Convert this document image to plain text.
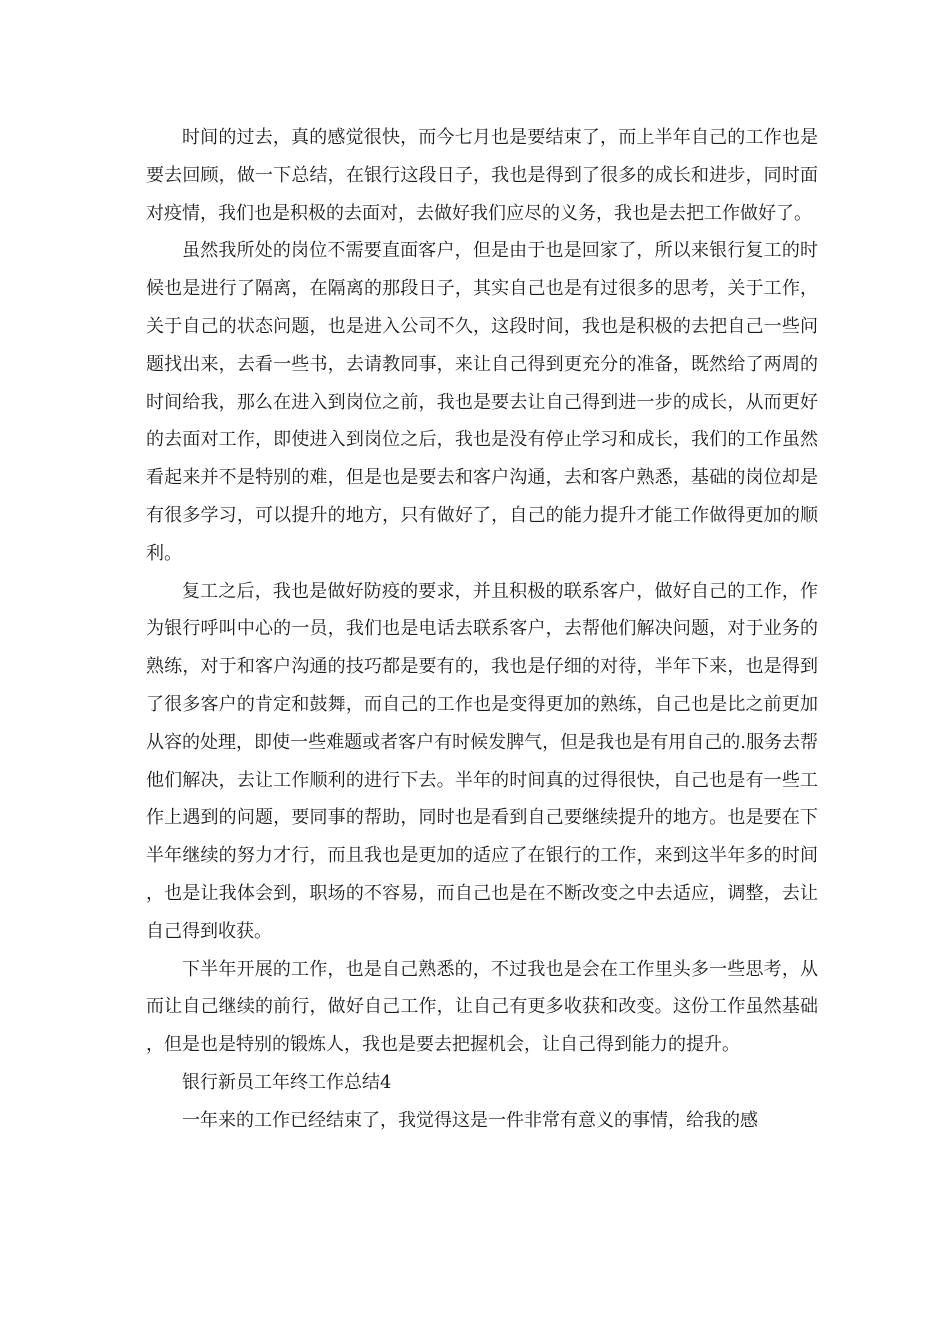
时间的过去，真的感觉很快，而今七月也是要结束了，而上半年自己的工作也是要去回顾，做一下总结，在银行这段日子，我也是得到了很多的成长和进步，同时面对疫情，我们也是积极的去面对，去做好我们应尽的义务，我也是去把工作做好了。

虽然我所处的岗位不需要直面客户，但是由于也是回家了，所以来银行复工的时候也是进行了隔离，在隔离的那段日子，其实自己也是有过很多的思考，关于工作，关于自己的状态问题，也是进入公司不久，这段时间，我也是积极的去把自己一些问题找出来，去看一些书，去请教同事，来让自己得到更充分的准备，既然给了两周的时间给我，那么在进入到岗位之前，我也是要去让自己得到进一步的成长，从而更好的去面对工作，即使进入到岗位之后，我也是没有停止学习和成长，我们的工作虽然看起来并不是特别的难，但是也是要去和客户沟通，去和客户熟悉，基础的岗位却是有很多学习，可以提升的地方，只有做好了，自己的能力提升才能工作做得更加的顺利。

复工之后，我也是做好防疫的要求，并且积极的联系客户，做好自己的工作，作为银行呼叫中心的一员，我们也是电话去联系客户，去帮他们解决问题，对于业务的熟练，对于和客户沟通的技巧都是要有的，我也是仔细的对待，半年下来，也是得到了很多客户的肯定和鼓舞，而自己的工作也是变得更加的熟练，自己也是比之前更加从容的处理，即使一些难题或者客户有时候发脾气，但是我也是有用自己的.服务去帮他们解决，去让工作顺利的进行下去。半年的时间真的过得很快，自己也是有一些工作上遇到的问题，要同事的帮助，同时也是看到自己要继续提升的地方。也是要在下半年继续的努力才行，而且我也是更加的适应了在银行的工作，来到这半年多的时间，也是让我体会到，职场的不容易，而自己也是在不断改变之中去适应，调整，去让自己得到收获。

下半年开展的工作，也是自己熟悉的，不过我也是会在工作里头多一些思考，从而让自己继续的前行，做好自己工作，让自己有更多收获和改变。这份工作虽然基础，但是也是特别的锻炼人，我也是要去把握机会，让自己得到能力的提升。

银行新员工年终工作总结4

一年来的工作已经结束了，我觉得这是一件非常有意义的事情，给我的感
